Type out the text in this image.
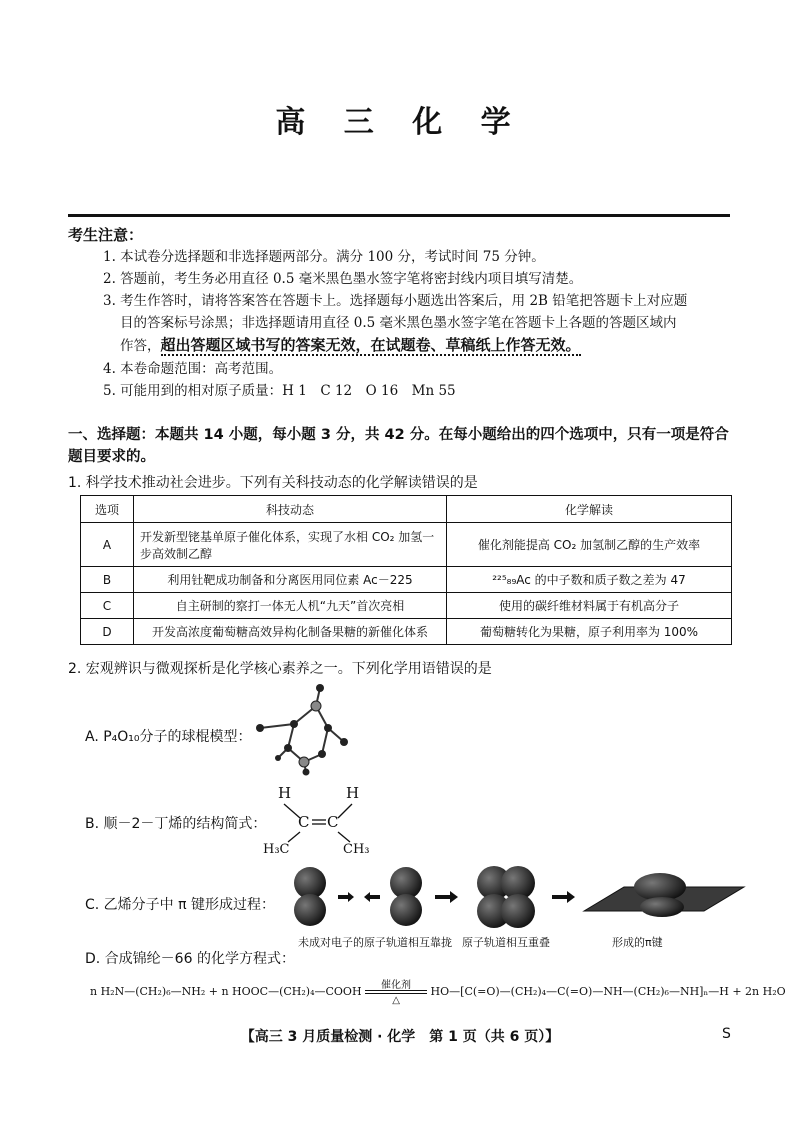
高 三 化 学
考生注意：
1. 本试卷分选择题和非选择题两部分。满分 100 分，考试时间 75 分钟。
2. 答题前，考生务必用直径 0.5 毫米黑色墨水签字笔将密封线内项目填写清楚。
3. 考生作答时，请将答案答在答题卡上。选择题每小题选出答案后，用 2B 铅笔把答题卡上对应题
目的答案标号涂黑；非选择题请用直径 0.5 毫米黑色墨水签字笔在答题卡上各题的答题区域内
作答，超出答题区域书写的答案无效，在试题卷、草稿纸上作答无效。
4. 本卷命题范围：高考范围。
5. 可能用到的相对原子质量：H 1　C 12　O 16　Mn 55
一、选择题：本题共 14 小题，每小题 3 分，共 42 分。在每小题给出的四个选项中，只有一项是符合题目要求的。
1. 科学技术推动社会进步。下列有关科技动态的化学解读错误的是
选项	科技动态	化学解读
A	开发新型铑基单原子催化体系，实现了水相 CO₂ 加氢一步高效制乙醇	催化剂能提高 CO₂ 加氢制乙醇的生产效率
B	利用钍靶成功制备和分离医用同位素 Ac－225	²²⁵₈₉Ac 的中子数和质子数之差为 47
C	自主研制的察打一体无人机“九天”首次亮相	使用的碳纤维材料属于有机高分子
D	开发高浓度葡萄糖高效异构化制备果糖的新催化体系	葡萄糖转化为果糖，原子利用率为 100%
2. 宏观辨识与微观探析是化学核心素养之一。下列化学用语错误的是
A. P₄O₁₀分子的球棍模型：
B. 顺－2－丁烯的结构简式：
H	H
C C
H₃C	CH₃
C. 乙烯分子中 π 键形成过程：
未成对电子的原子轨道相互靠拢 原子轨道相互重叠	形成的π键
D. 合成锦纶－66 的化学方程式：
n H₂N—(CH₂)₆—NH₂ + n HOOC—(CH₂)₄—COOH	催化剂
△
HO—[C(=O)—(CH₂)₄—C(=O)—NH—(CH₂)₆—NH]ₙ—H + 2n H₂O
【高三 3 月质量检测 · 化学　第 1 页（共 6 页）】	S
